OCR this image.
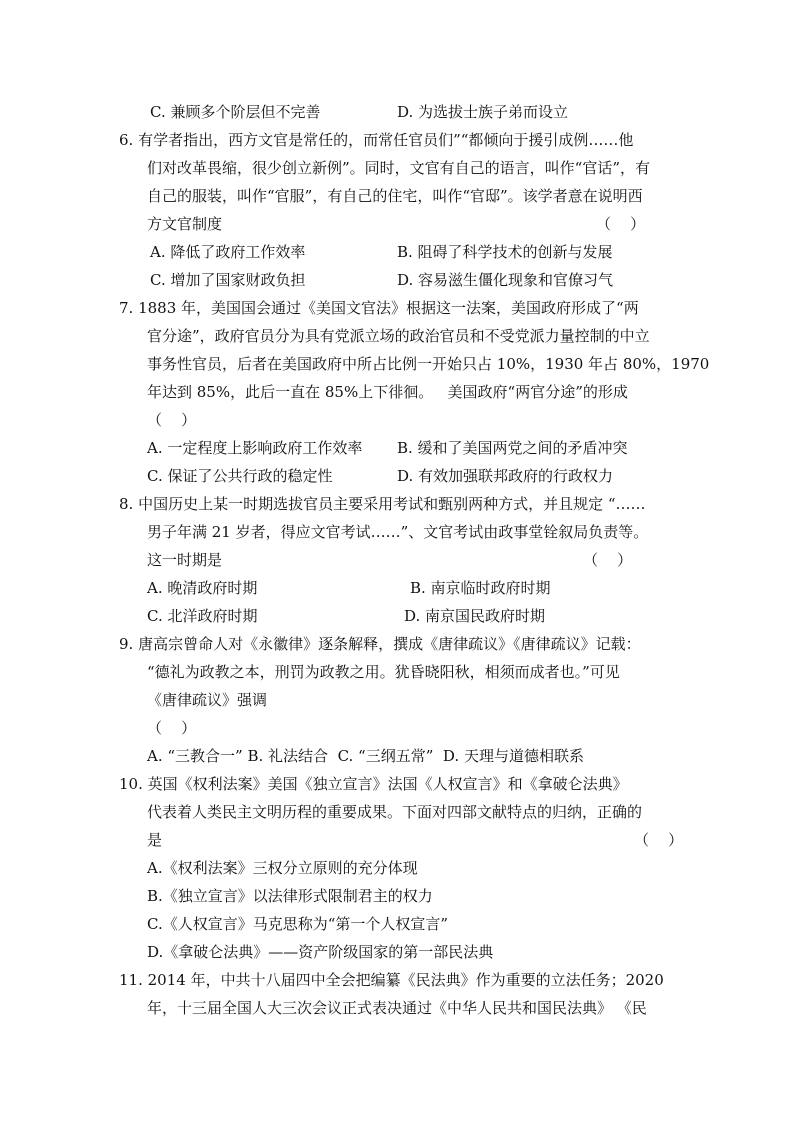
C. 兼顾多个阶层但不完善	D. 为选拔士族子弟而设立
6. 有学者指出，西方文官是常任的，而常任官员们”“都倾向于援引成例……他
们对改革畏缩，很少创立新例”。同时，文官有自己的语言，叫作“官话”，有
自己的服装，叫作“官服”，有自己的住宅，叫作“官邸”。该学者意在说明西
方文官制度	（    ）
A. 降低了政府工作效率	B. 阻碍了科学技术的创新与发展
C. 增加了国家财政负担	D. 容易滋生僵化现象和官僚习气
7. 1883 年，美国国会通过《美国文官法》根据这一法案，美国政府形成了“两
官分途”，政府官员分为具有党派立场的政治官员和不受党派力量控制的中立
事务性官员，后者在美国政府中所占比例一开始只占 10%，1930 年占 80%，1970
年达到 85%，此后一直在 85%上下徘徊。   美国政府“两官分途”的形成
（    ）
A. 一定程度上影响政府工作效率 B. 缓和了美国两党之间的矛盾冲突
C. 保证了公共行政的稳定性	D. 有效加强联邦政府的行政权力
8. 中国历史上某一时期选拔官员主要采用考试和甄别两种方式，并且规定 “……
男子年满 21 岁者，得应文官考试……”、文官考试由政事堂铨叙局负责等。
这一时期是	（    ）
A. 晚清政府时期	B. 南京临时政府时期
C. 北洋政府时期	D. 南京国民政府时期
9. 唐高宗曾命人对《永徽律》逐条解释，撰成《唐律疏议》《唐律疏议》记载：
“德礼为政教之本，刑罚为政教之用。犹昏晓阳秋，相须而成者也。”可见
《唐律疏议》强调
（    ）
A. “三教合一” B. 礼法结合  C. “三纲五常”  D. 天理与道德相联系
10. 英国《权利法案》美国《独立宣言》法国《人权宣言》和《拿破仑法典》
代表着人类民主文明历程的重要成果。下面对四部文献特点的归纳，正确的
是	（    ）
A.《权利法案》三权分立原则的充分体现
B.《独立宣言》以法律形式限制君主的权力
C.《人权宣言》马克思称为“第一个人权宣言”
D.《拿破仑法典》——资产阶级国家的第一部民法典
11. 2014 年，中共十八届四中全会把编纂《民法典》作为重要的立法任务；2020
年，十三届全国人大三次会议正式表决通过《中华人民共和国民法典》 《民
